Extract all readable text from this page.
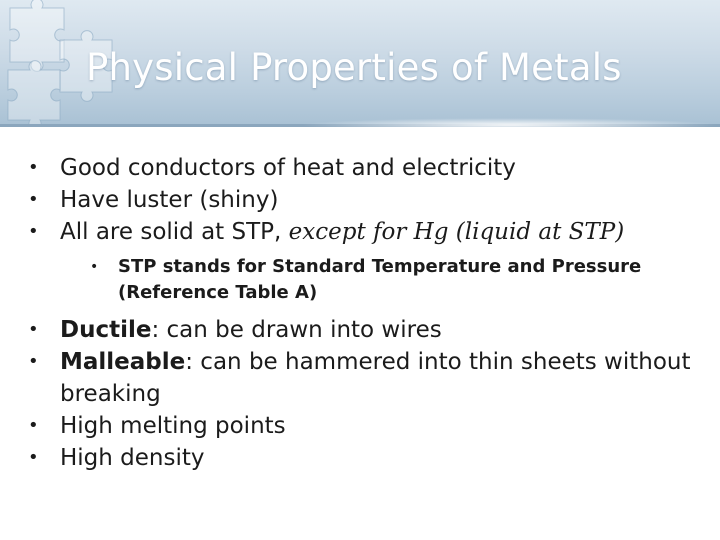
Physical Properties of Metals
• Good conductors of heat and electricity
• Have luster (shiny)
• All are solid at STP, except for Hg (liquid at STP)
•	STP stands for Standard Temperature and Pressure
(Reference Table A)
• Ductile: can be drawn into wires
• Malleable: can be hammered into thin sheets without breaking
• High melting points
• High density
